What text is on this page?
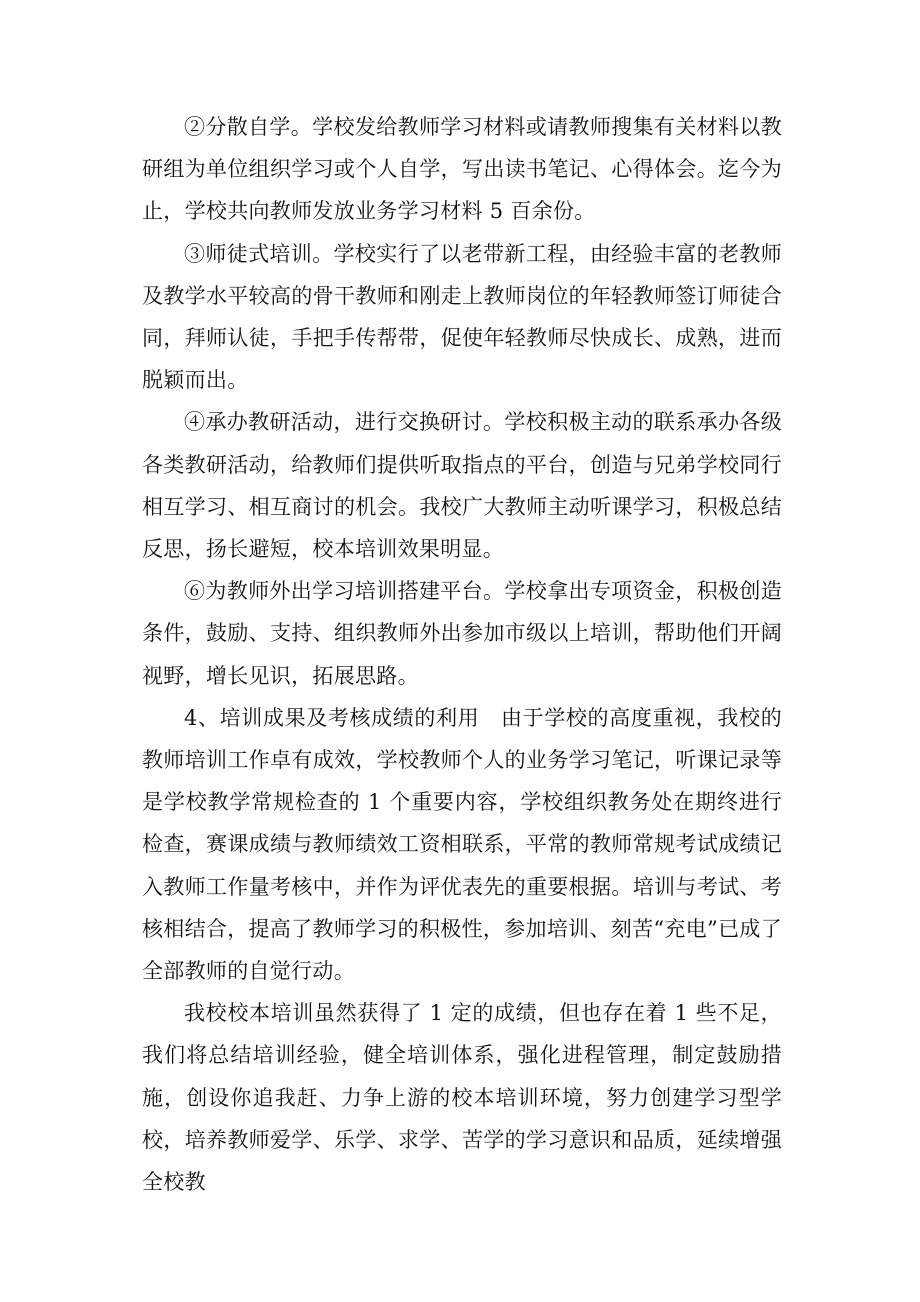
②分散自学。学校发给教师学习材料或请教师搜集有关材料以教研组为单位组织学习或个人自学，写出读书笔记、心得体会。迄今为止，学校共向教师发放业务学习材料 5 百余份。

③师徒式培训。学校实行了以老带新工程，由经验丰富的老教师及教学水平较高的骨干教师和刚走上教师岗位的年轻教师签订师徒合同，拜师认徒，手把手传帮带，促使年轻教师尽快成长、成熟，进而脱颖而出。

④承办教研活动，进行交换研讨。学校积极主动的联系承办各级各类教研活动，给教师们提供听取指点的平台，创造与兄弟学校同行相互学习、相互商讨的机会。我校广大教师主动听课学习，积极总结反思，扬长避短，校本培训效果明显。

⑥为教师外出学习培训搭建平台。学校拿出专项资金，积极创造条件，鼓励、支持、组织教师外出参加市级以上培训，帮助他们开阔视野，增长见识，拓展思路。

4、培训成果及考核成绩的利用　由于学校的高度重视，我校的教师培训工作卓有成效，学校教师个人的业务学习笔记，听课记录等是学校教学常规检查的 1 个重要内容，学校组织教务处在期终进行检查，赛课成绩与教师绩效工资相联系，平常的教师常规考试成绩记入教师工作量考核中，并作为评优表先的重要根据。培训与考试、考核相结合，提高了教师学习的积极性，参加培训、刻苦“充电”已成了全部教师的自觉行动。

我校校本培训虽然获得了 1 定的成绩，但也存在着 1 些不足，我们将总结培训经验，健全培训体系，强化进程管理，制定鼓励措施，创设你追我赶、力争上游的校本培训环境，努力创建学习型学校，培养教师爱学、乐学、求学、苦学的学习意识和品质，延续增强全校教
